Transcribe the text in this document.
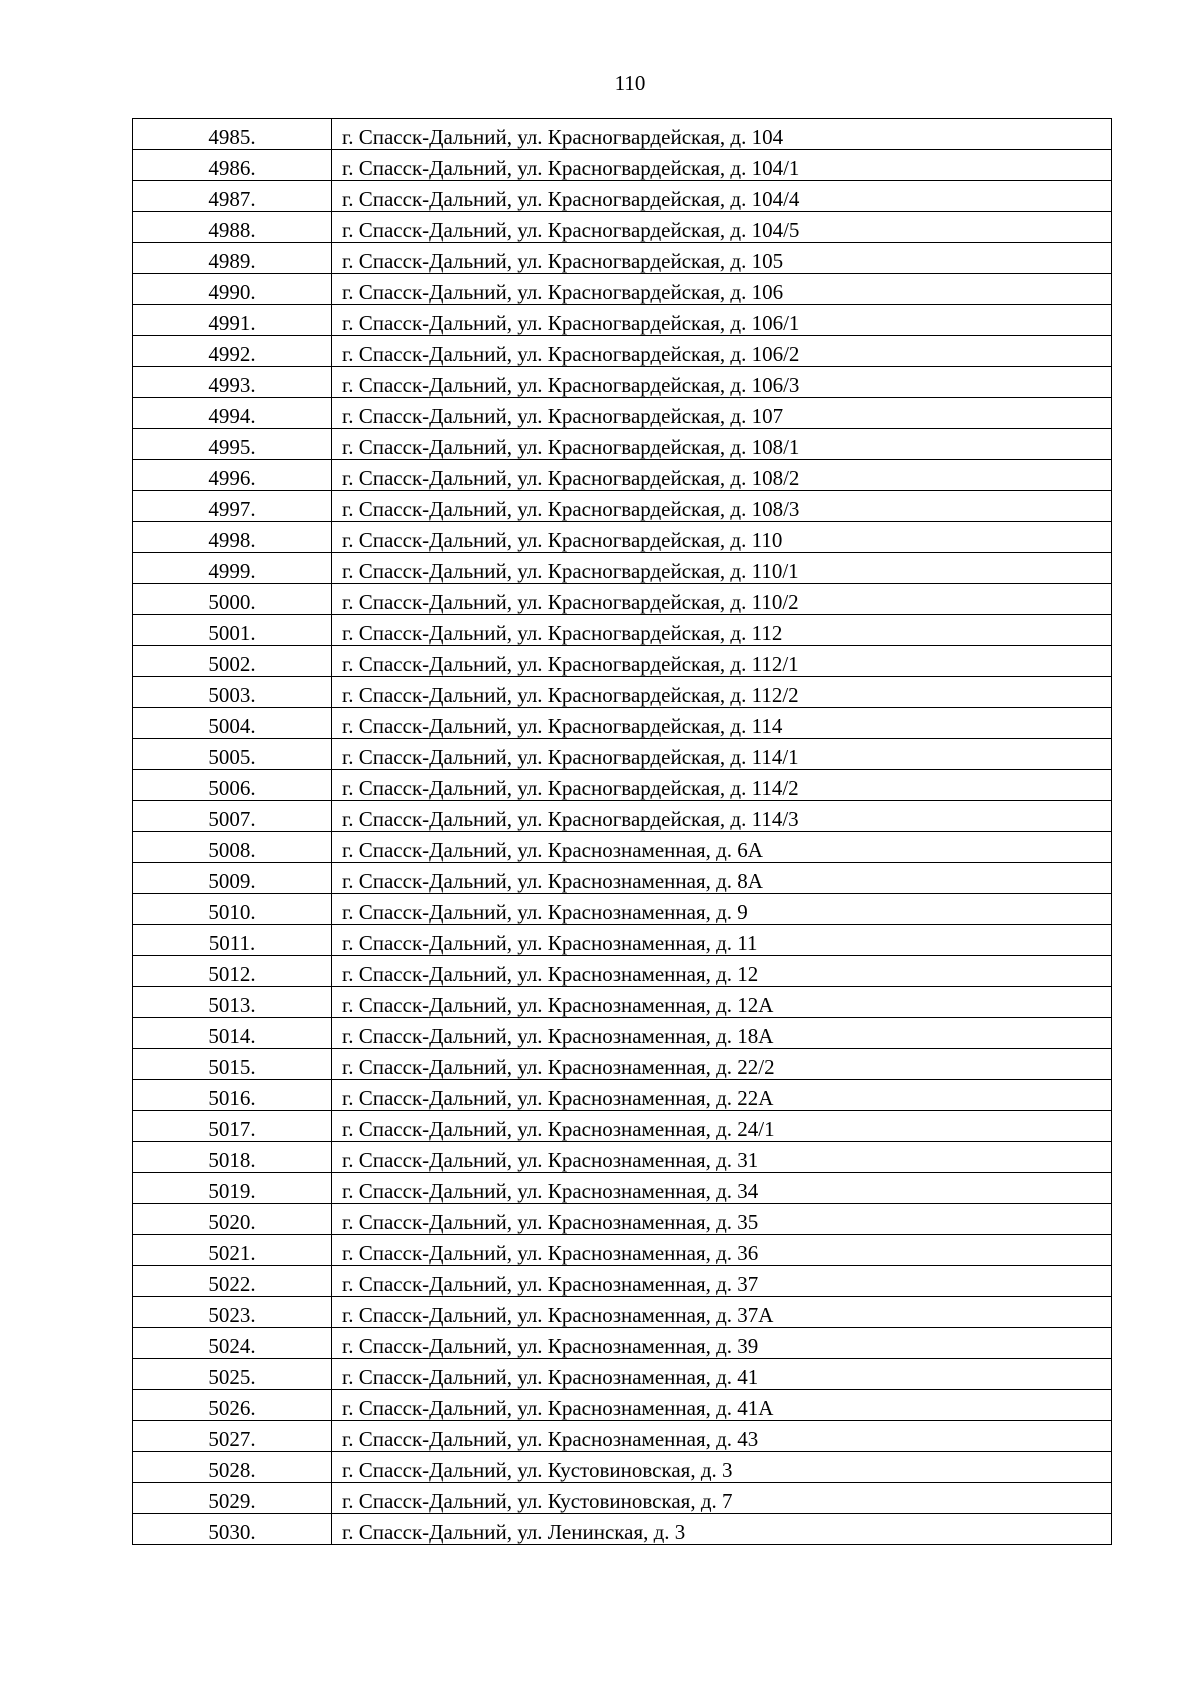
110
4985.	г. Спасск-Дальний, ул. Красногвардейская, д. 104
4986.	г. Спасск-Дальний, ул. Красногвардейская, д. 104/1
4987.	г. Спасск-Дальний, ул. Красногвардейская, д. 104/4
4988.	г. Спасск-Дальний, ул. Красногвардейская, д. 104/5
4989.	г. Спасск-Дальний, ул. Красногвардейская, д. 105
4990.	г. Спасск-Дальний, ул. Красногвардейская, д. 106
4991.	г. Спасск-Дальний, ул. Красногвардейская, д. 106/1
4992.	г. Спасск-Дальний, ул. Красногвардейская, д. 106/2
4993.	г. Спасск-Дальний, ул. Красногвардейская, д. 106/3
4994.	г. Спасск-Дальний, ул. Красногвардейская, д. 107
4995.	г. Спасск-Дальний, ул. Красногвардейская, д. 108/1
4996.	г. Спасск-Дальний, ул. Красногвардейская, д. 108/2
4997.	г. Спасск-Дальний, ул. Красногвардейская, д. 108/3
4998.	г. Спасск-Дальний, ул. Красногвардейская, д. 110
4999.	г. Спасск-Дальний, ул. Красногвардейская, д. 110/1
5000.	г. Спасск-Дальний, ул. Красногвардейская, д. 110/2
5001.	г. Спасск-Дальний, ул. Красногвардейская, д. 112
5002.	г. Спасск-Дальний, ул. Красногвардейская, д. 112/1
5003.	г. Спасск-Дальний, ул. Красногвардейская, д. 112/2
5004.	г. Спасск-Дальний, ул. Красногвардейская, д. 114
5005.	г. Спасск-Дальний, ул. Красногвардейская, д. 114/1
5006.	г. Спасск-Дальний, ул. Красногвардейская, д. 114/2
5007.	г. Спасск-Дальний, ул. Красногвардейская, д. 114/3
5008.	г. Спасск-Дальний, ул. Краснознаменная, д. 6А
5009.	г. Спасск-Дальний, ул. Краснознаменная, д. 8А
5010.	г. Спасск-Дальний, ул. Краснознаменная, д. 9
5011.	г. Спасск-Дальний, ул. Краснознаменная, д. 11
5012.	г. Спасск-Дальний, ул. Краснознаменная, д. 12
5013.	г. Спасск-Дальний, ул. Краснознаменная, д. 12А
5014.	г. Спасск-Дальний, ул. Краснознаменная, д. 18А
5015.	г. Спасск-Дальний, ул. Краснознаменная, д. 22/2
5016.	г. Спасск-Дальний, ул. Краснознаменная, д. 22А
5017.	г. Спасск-Дальний, ул. Краснознаменная, д. 24/1
5018.	г. Спасск-Дальний, ул. Краснознаменная, д. 31
5019.	г. Спасск-Дальний, ул. Краснознаменная, д. 34
5020.	г. Спасск-Дальний, ул. Краснознаменная, д. 35
5021.	г. Спасск-Дальний, ул. Краснознаменная, д. 36
5022.	г. Спасск-Дальний, ул. Краснознаменная, д. 37
5023.	г. Спасск-Дальний, ул. Краснознаменная, д. 37А
5024.	г. Спасск-Дальний, ул. Краснознаменная, д. 39
5025.	г. Спасск-Дальний, ул. Краснознаменная, д. 41
5026.	г. Спасск-Дальний, ул. Краснознаменная, д. 41А
5027.	г. Спасск-Дальний, ул. Краснознаменная, д. 43
5028.	г. Спасск-Дальний, ул. Кустовиновская, д. 3
5029.	г. Спасск-Дальний, ул. Кустовиновская, д. 7
5030.	г. Спасск-Дальний, ул. Ленинская, д. 3
